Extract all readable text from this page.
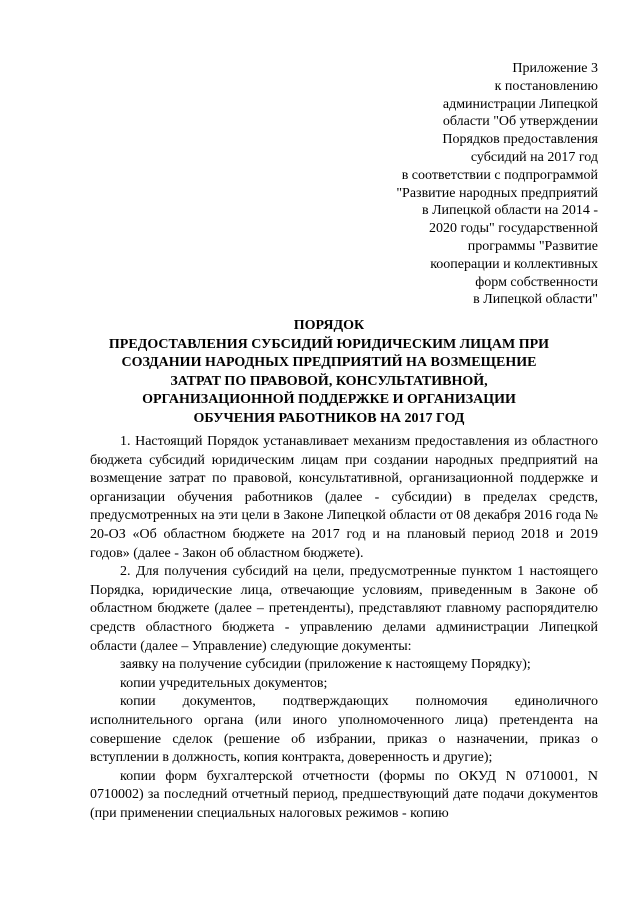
Приложение 3
к постановлению
администрации Липецкой
области "Об утверждении
Порядков предоставления
субсидий на 2017 год
в соответствии с подпрограммой
"Развитие народных предприятий
в Липецкой области на 2014 -
2020 годы" государственной
программы "Развитие
кооперации и коллективных
форм собственности
в Липецкой области"
ПОРЯДОК
ПРЕДОСТАВЛЕНИЯ СУБСИДИЙ ЮРИДИЧЕСКИМ ЛИЦАМ ПРИ
СОЗДАНИИ НАРОДНЫХ ПРЕДПРИЯТИЙ НА ВОЗМЕЩЕНИЕ
ЗАТРАТ ПО ПРАВОВОЙ, КОНСУЛЬТАТИВНОЙ,
ОРГАНИЗАЦИОННОЙ ПОДДЕРЖКЕ И ОРГАНИЗАЦИИ
ОБУЧЕНИЯ РАБОТНИКОВ НА 2017 ГОД

1. Настоящий Порядок устанавливает механизм предоставления из областного бюджета субсидий юридическим лицам при создании народных предприятий на возмещение затрат по правовой, консультативной, организационной поддержке и организации обучения работников (далее - субсидии) в пределах средств, предусмотренных на эти цели в Законе Липецкой области от 08 декабря 2016 года № 20-ОЗ «Об областном бюджете на 2017 год и на плановый период 2018 и 2019 годов» (далее - Закон об областном бюджете).

2. Для получения субсидий на цели, предусмотренные пунктом 1 настоящего Порядка, юридические лица, отвечающие условиям, приведенным в Законе об областном бюджете (далее – претенденты), представляют главному распорядителю средств областного бюджета - управлению делами администрации Липецкой области (далее – Управление) следующие документы:

заявку на получение субсидии (приложение к настоящему Порядку);

копии учредительных документов;

копии документов, подтверждающих полномочия единоличного исполнительного органа (или иного уполномоченного лица) претендента на совершение сделок (решение об избрании, приказ о назначении, приказ о вступлении в должность, копия контракта, доверенность и другие);

копии форм бухгалтерской отчетности (формы по ОКУД N 0710001, N 0710002) за последний отчетный период, предшествующий дате подачи документов (при применении специальных налоговых режимов - копию
